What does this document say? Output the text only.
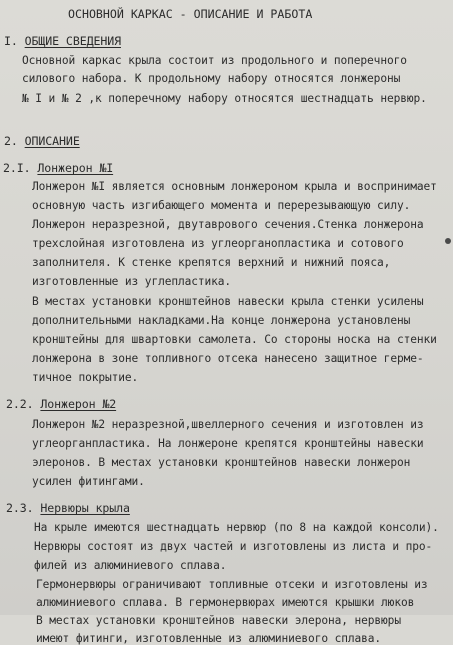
ОСНОВНОЙ КАРКАС - ОПИСАНИЕ И РАБОТА
I. ОБЩИЕ СВЕДЕНИЯ
Основной каркас крыла состоит из продольного и поперечного
силового набора. К продольному набору относятся лонжероны
№ I и № 2 ,к поперечному набору относятся шестнадцать нервюр.
2. ОПИСАНИЕ
2.I. Лонжерон №I
Лонжерон №I является основным лонжероном крыла и воспринимает
основную часть изгибающего момента и перерезывающую силу.
Лонжерон неразрезной, двутаврового сечения.Стенка лонжерона
трехслойная изготовлена из углеорганопластика и сотового
заполнителя. К стенке крепятся верхний и нижний пояса,
изготовленные из углепластика.
В местах установки кронштейнов навески крыла стенки усилены
дополнительными накладками.На конце лонжерона установлены
кронштейны для швартовки самолета. Со стороны носка на стенки
лонжерона в зоне топливного отсека нанесено защитное герме-
тичное покрытие.
2.2. Лонжерон №2
Лонжерон №2 неразрезной,швеллерного сечения и изготовлен из
углеорганпластика. На лонжероне крепятся кронштейны навески
элеронов. В местах установки кронштейнов навески лонжерон
усилен фитингами.
2.3. Нервюры крыла
На крыле имеются шестнадцать нервюр (по 8 на каждой консоли).
Нервюры состоят из двух частей и изготовлены из листа и про-
филей из алюминиевого сплава.
Гермонервюры ограничивают топливные отсеки и изготовлены из
алюминиевого сплава. В гермонервюрах имеются крышки люков
В местах установки кронштейнов навески элерона, нервюры
имеют фитинги, изготовленные из алюминиевого сплава.
